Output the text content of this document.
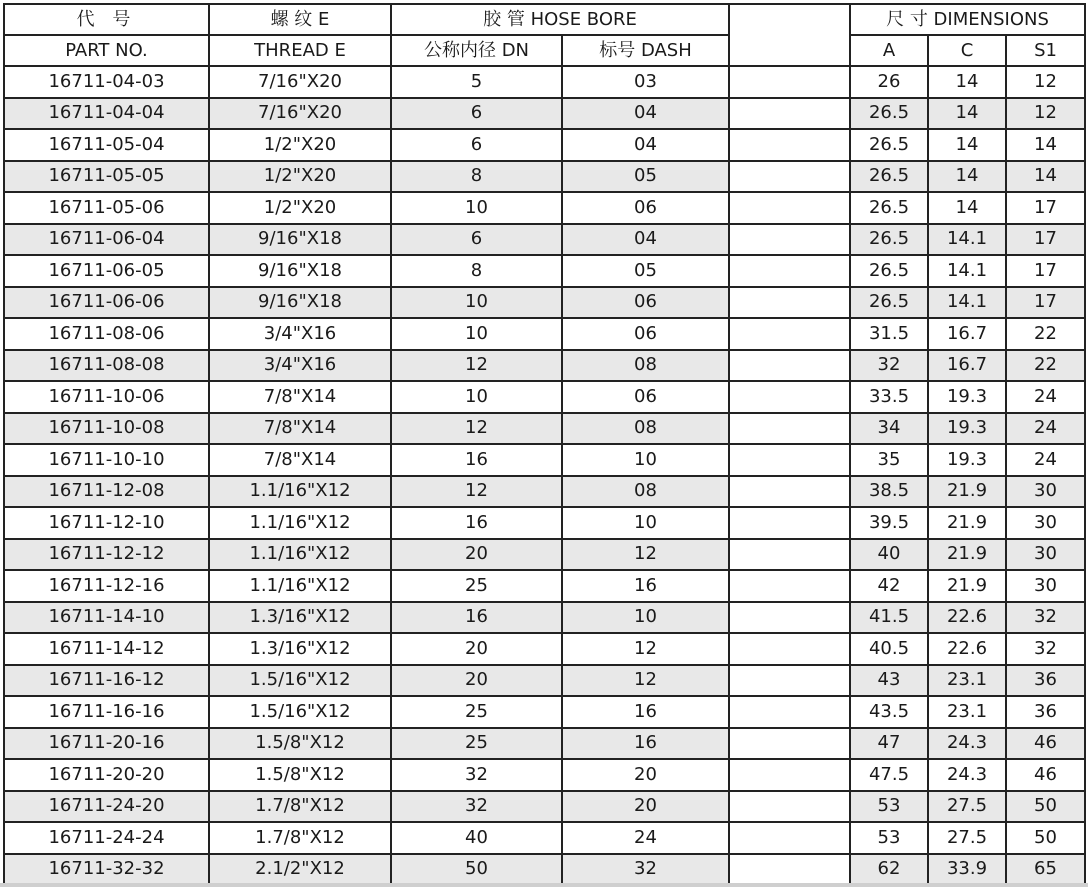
代 号	螺 纹 E	胶 管 HOSE BORE			尺 寸 DIMENSIONS		
PART NO.	THREAD E	公称内径 DN	标号 DASH		A	C	S1
16711-04-03	7/16"X20	5	03		26	14	12
16711-04-04	7/16"X20	6	04		26.5	14	12
16711-05-04	1/2"X20	6	04		26.5	14	14
16711-05-05	1/2"X20	8	05		26.5	14	14
16711-05-06	1/2"X20	10	06		26.5	14	17
16711-06-04	9/16"X18	6	04		26.5	14.1	17
16711-06-05	9/16"X18	8	05		26.5	14.1	17
16711-06-06	9/16"X18	10	06		26.5	14.1	17
16711-08-06	3/4"X16	10	06		31.5	16.7	22
16711-08-08	3/4"X16	12	08		32	16.7	22
16711-10-06	7/8"X14	10	06		33.5	19.3	24
16711-10-08	7/8"X14	12	08		34	19.3	24
16711-10-10	7/8"X14	16	10		35	19.3	24
16711-12-08	1.1/16"X12	12	08		38.5	21.9	30
16711-12-10	1.1/16"X12	16	10		39.5	21.9	30
16711-12-12	1.1/16"X12	20	12		40	21.9	30
16711-12-16	1.1/16"X12	25	16		42	21.9	30
16711-14-10	1.3/16"X12	16	10		41.5	22.6	32
16711-14-12	1.3/16"X12	20	12		40.5	22.6	32
16711-16-12	1.5/16"X12	20	12		43	23.1	36
16711-16-16	1.5/16"X12	25	16		43.5	23.1	36
16711-20-16	1.5/8"X12	25	16		47	24.3	46
16711-20-20	1.5/8"X12	32	20		47.5	24.3	46
16711-24-20	1.7/8"X12	32	20		53	27.5	50
16711-24-24	1.7/8"X12	40	24		53	27.5	50
16711-32-32	2.1/2"X12	50	32		62	33.9	65
